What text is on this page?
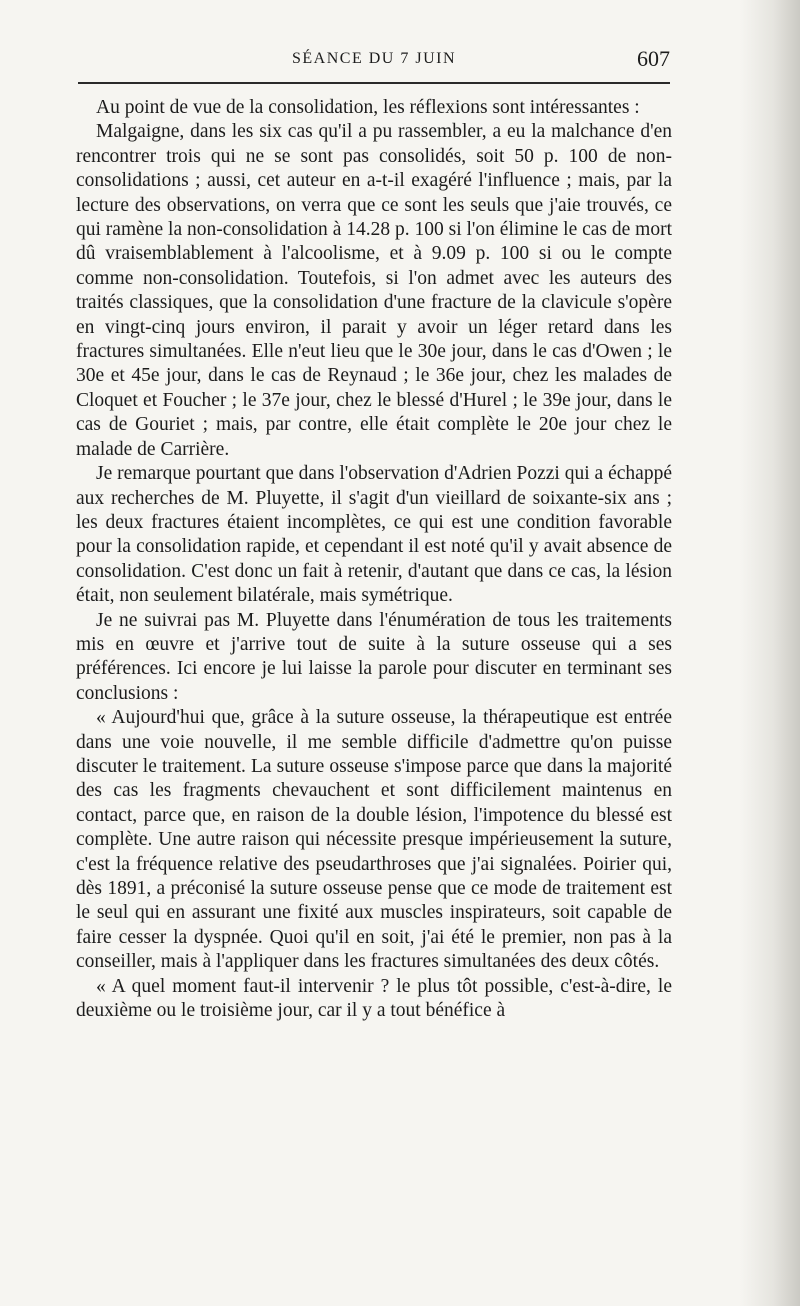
SÉANCE DU 7 JUIN	607

Au point de vue de la consolidation, les réflexions sont intéressantes :

Malgaigne, dans les six cas qu'il a pu rassembler, a eu la malchance d'en rencontrer trois qui ne se sont pas consolidés, soit 50 p. 100 de non-consolidations ; aussi, cet auteur en a-t-il exagéré l'influence ; mais, par la lecture des observations, on verra que ce sont les seuls que j'aie trouvés, ce qui ramène la non-consolidation à 14.28 p. 100 si l'on élimine le cas de mort dû vraisemblablement à l'alcoolisme, et à 9.09 p. 100 si ou le compte comme non-consolidation. Toutefois, si l'on admet avec les auteurs des traités classiques, que la consolidation d'une fracture de la clavicule s'opère en vingt-cinq jours environ, il parait y avoir un léger retard dans les fractures simultanées. Elle n'eut lieu que le 30e jour, dans le cas d'Owen ; le 30e et 45e jour, dans le cas de Reynaud ; le 36e jour, chez les malades de Cloquet et Foucher ; le 37e jour, chez le blessé d'Hurel ; le 39e jour, dans le cas de Gouriet ; mais, par contre, elle était complète le 20e jour chez le malade de Carrière.

Je remarque pourtant que dans l'observation d'Adrien Pozzi qui a échappé aux recherches de M. Pluyette, il s'agit d'un vieillard de soixante-six ans ; les deux fractures étaient incomplètes, ce qui est une condition favorable pour la consolidation rapide, et cependant il est noté qu'il y avait absence de consolidation. C'est donc un fait à retenir, d'autant que dans ce cas, la lésion était, non seulement bilatérale, mais symétrique.

Je ne suivrai pas M. Pluyette dans l'énumération de tous les traitements mis en œuvre et j'arrive tout de suite à la suture osseuse qui a ses préférences. Ici encore je lui laisse la parole pour discuter en terminant ses conclusions :

« Aujourd'hui que, grâce à la suture osseuse, la thérapeutique est entrée dans une voie nouvelle, il me semble difficile d'admettre qu'on puisse discuter le traitement. La suture osseuse s'impose parce que dans la majorité des cas les fragments chevauchent et sont difficilement maintenus en contact, parce que, en raison de la double lésion, l'impotence du blessé est complète. Une autre raison qui nécessite presque impérieusement la suture, c'est la fréquence relative des pseudarthroses que j'ai signalées. Poirier qui, dès 1891, a préconisé la suture osseuse pense que ce mode de traitement est le seul qui en assurant une fixité aux muscles inspirateurs, soit capable de faire cesser la dyspnée. Quoi qu'il en soit, j'ai été le premier, non pas à la conseiller, mais à l'appliquer dans les fractures simultanées des deux côtés.

« A quel moment faut-il intervenir ? le plus tôt possible, c'est-à-dire, le deuxième ou le troisième jour, car il y a tout bénéfice à
